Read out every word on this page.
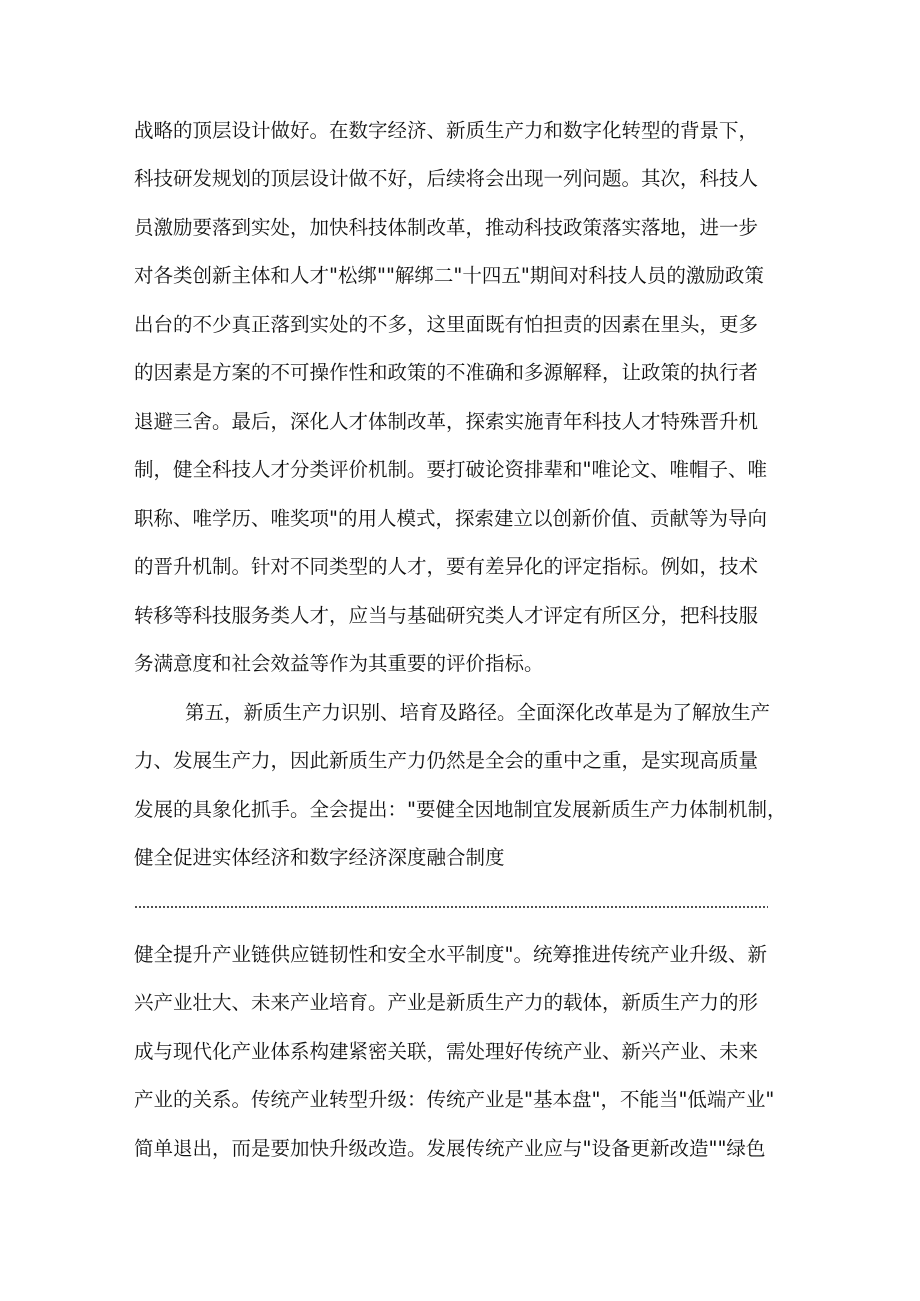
战略的顶层设计做好。在数字经济、新质生产力和数字化转型的背景下，
科技研发规划的顶层设计做不好，后续将会出现一列问题。其次，科技人
员激励要落到实处，加快科技体制改革，推动科技政策落实落地，进一步
对各类创新主体和人才"松绑""解绑二"十四五"期间对科技人员的激励政策
出台的不少真正落到实处的不多，这里面既有怕担责的因素在里头，更多
的因素是方案的不可操作性和政策的不准确和多源解释，让政策的执行者
退避三舍。最后，深化人才体制改革，探索实施青年科技人才特殊晋升机
制，健全科技人才分类评价机制。要打破论资排辈和"唯论文、唯帽子、唯
职称、唯学历、唯奖项"的用人模式，探索建立以创新价值、贡献等为导向
的晋升机制。针对不同类型的人才，要有差异化的评定指标。例如，技术
转移等科技服务类人才，应当与基础研究类人才评定有所区分，把科技服
务满意度和社会效益等作为其重要的评价指标。
第五，新质生产力识别、培育及路径。全面深化改革是为了解放生产
力、发展生产力，因此新质生产力仍然是全会的重中之重，是实现高质量
发展的具象化抓手。全会提出："要健全因地制宜发展新质生产力体制机制，
健全促进实体经济和数字经济深度融合制度
健全提升产业链供应链韧性和安全水平制度"。统筹推进传统产业升级、新
兴产业壮大、未来产业培育。产业是新质生产力的载体，新质生产力的形
成与现代化产业体系构建紧密关联，需处理好传统产业、新兴产业、未来
产业的关系。传统产业转型升级：传统产业是"基本盘"，不能当"低端产业"
简单退出，而是要加快升级改造。发展传统产业应与"设备更新改造""绿色
